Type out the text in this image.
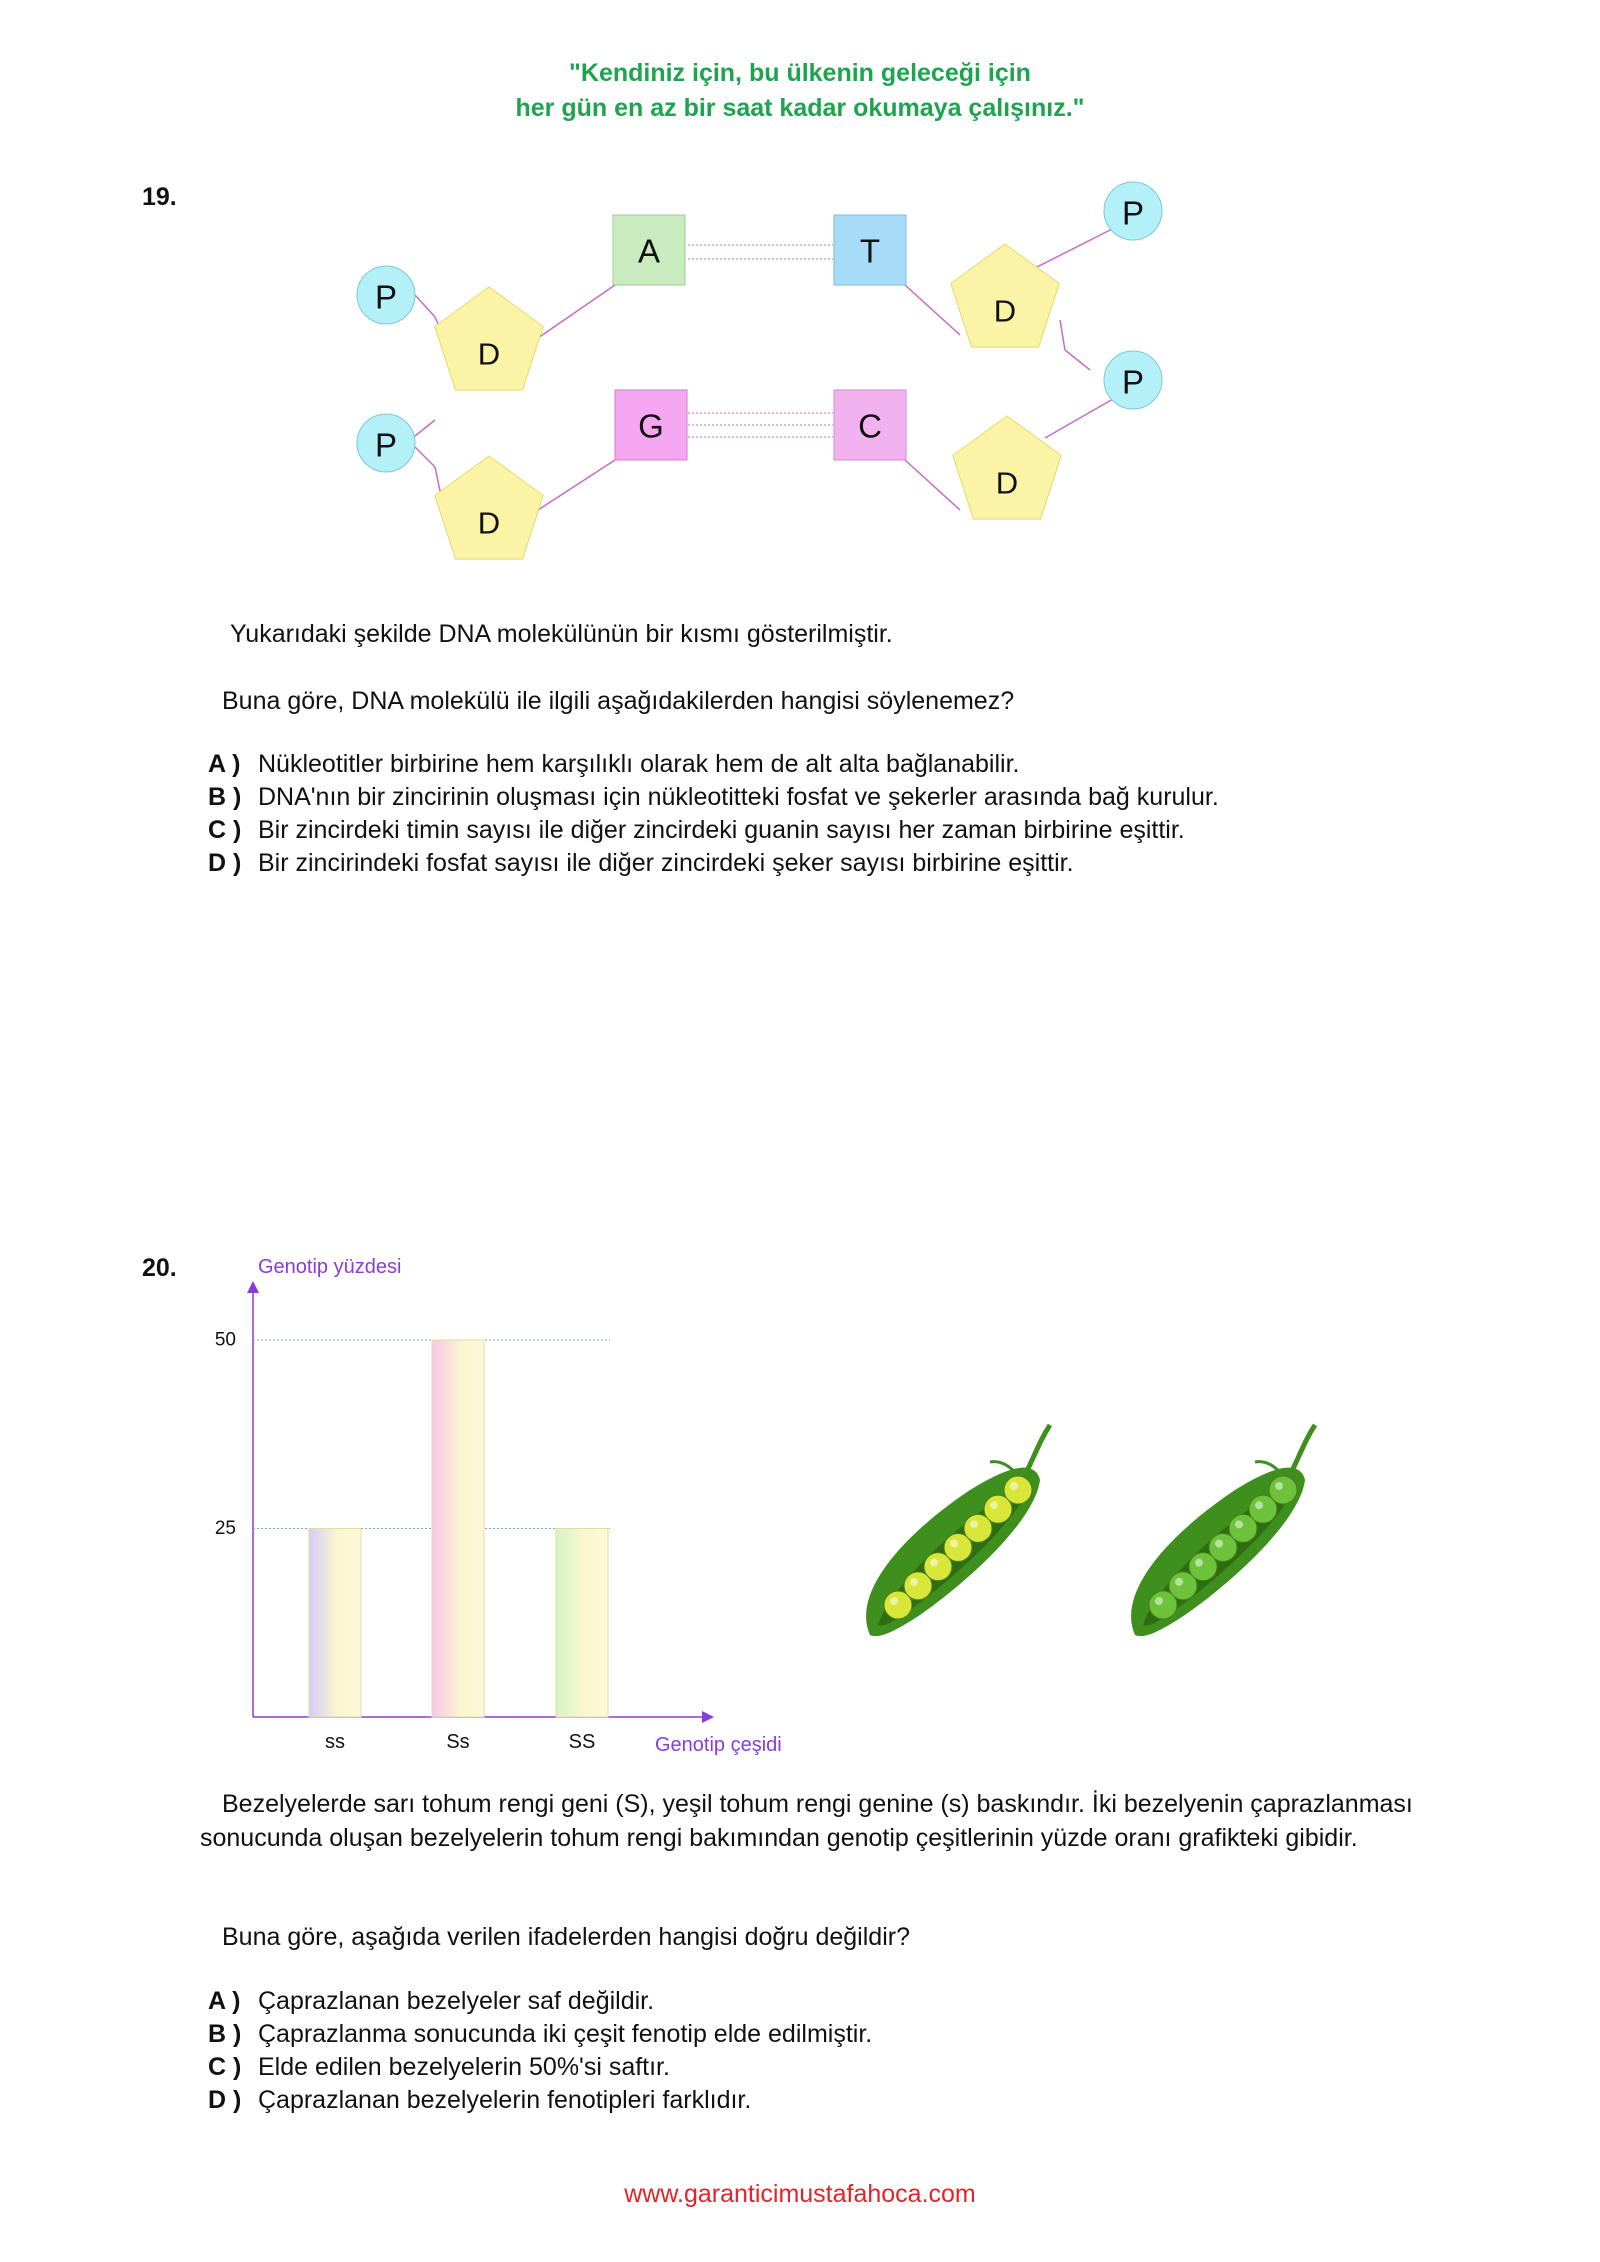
"Kendiniz için, bu ülkenin geleceği için
her gün en az bir saat kadar okumaya çalışınız."
19.
P
P
P
P
D
D
D
D
A	T
G	C
Yukarıdaki şekilde DNA molekülünün bir kısmı gösterilmiştir.
Buna göre, DNA molekülü ile ilgili aşağıdakilerden hangisi söylenemez?
A ) Nükleotitler birbirine hem karşılıklı olarak hem de alt alta bağlanabilir.
B ) DNA'nın bir zincirinin oluşması için nükleotitteki fosfat ve şekerler arasında bağ kurulur.
C ) Bir zincirdeki timin sayısı ile diğer zincirdeki guanin sayısı her zaman birbirine eşittir.
D ) Bir zincirindeki fosfat sayısı ile diğer zincirdeki şeker sayısı birbirine eşittir.
20.	Genotip yüzdesi
Genotip çeşidi
25
50
ss	Ss	SS
Bezelyelerde sarı tohum rengi geni (S), yeşil tohum rengi genine (s) baskındır. İki bezelyenin çaprazlanması sonucunda oluşan bezelyelerin tohum rengi bakımından genotip çeşitlerinin yüzde oranı grafikteki gibidir.
Buna göre, aşağıda verilen ifadelerden hangisi doğru değildir?
A ) Çaprazlanan bezelyeler saf değildir.
B ) Çaprazlanma sonucunda iki çeşit fenotip elde edilmiştir.
C ) Elde edilen bezelyelerin 50%'si saftır.
D ) Çaprazlanan bezelyelerin fenotipleri farklıdır.
www.garanticimustafahoca.com
